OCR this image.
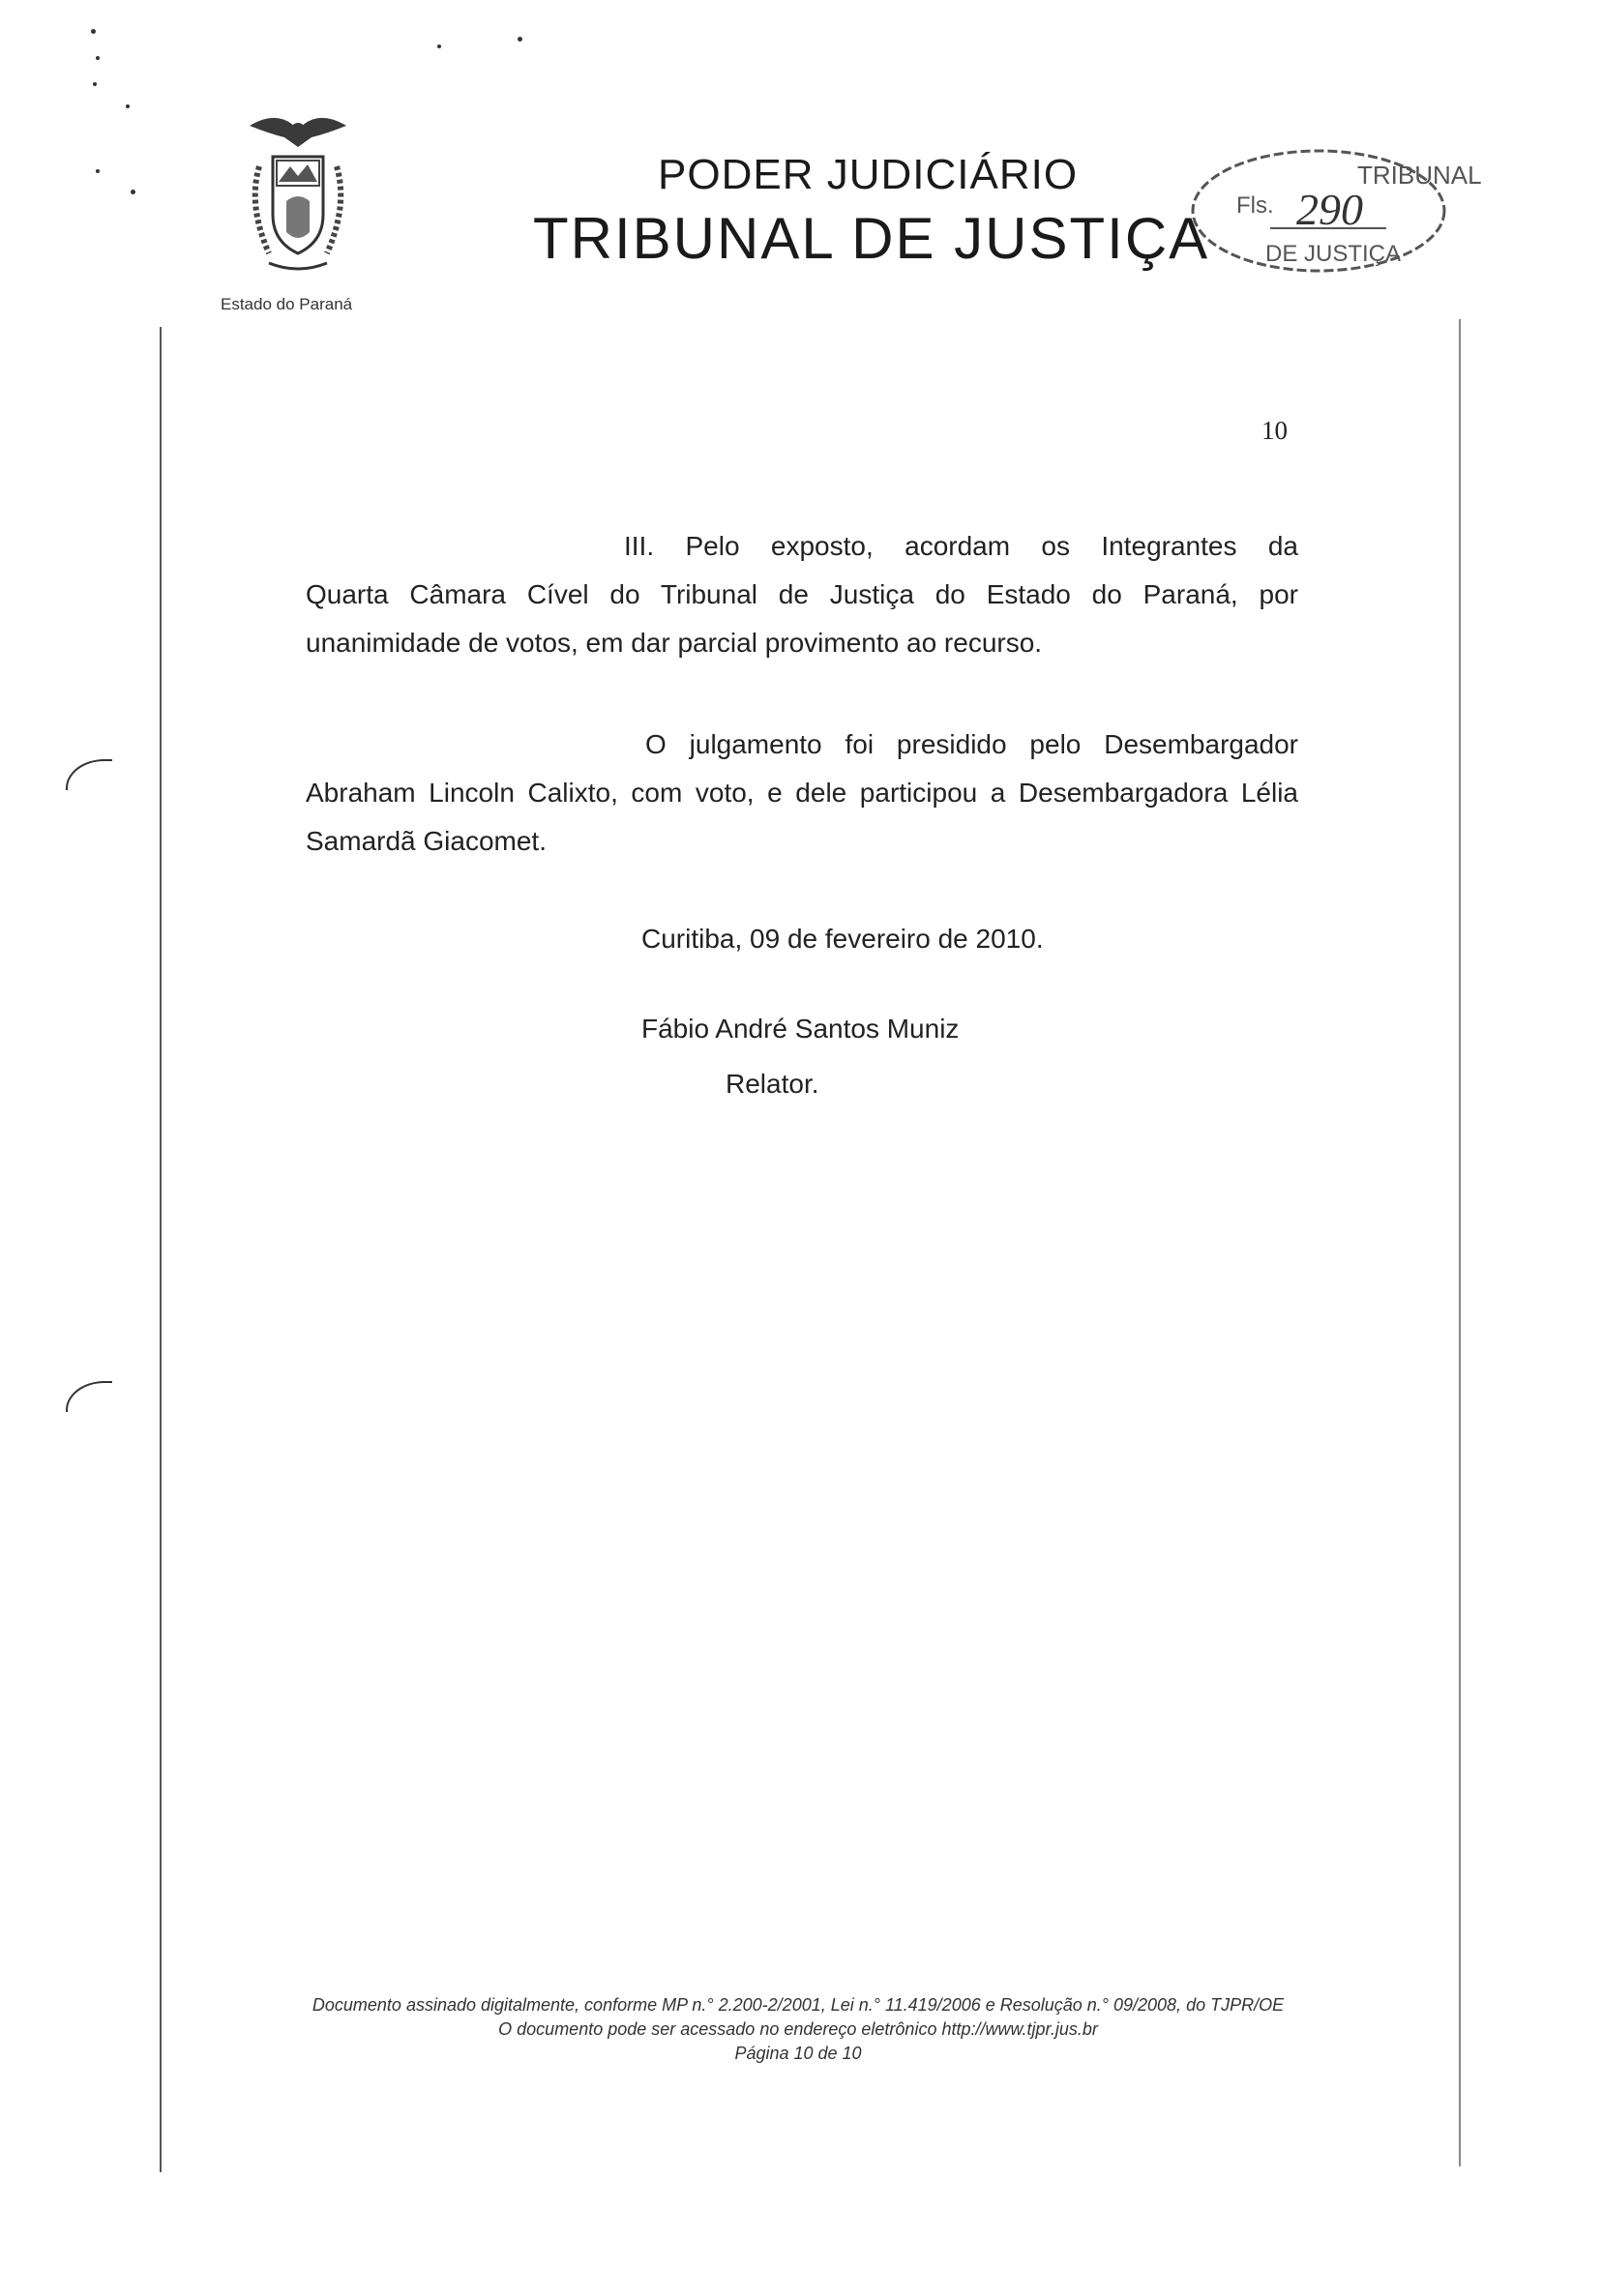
Estado do Paraná
PODER JUDICIÁRIO
TRIBUNAL DE JUSTIÇA
TRIBUNAL
Fls. 290
DE JUSTIÇA
10
III. Pelo exposto, acordam os Integrantes da
Quarta Câmara Cível do Tribunal de Justiça do Estado do Paraná, por
unanimidade de votos, em dar parcial provimento ao recurso.
O julgamento foi presidido pelo Desembargador
Abraham Lincoln Calixto, com voto, e dele participou a Desembargadora Lélia
Samardã Giacomet.
Curitiba, 09 de fevereiro de 2010.
Fábio André Santos Muniz
Relator.
Documento assinado digitalmente, conforme MP n.° 2.200-2/2001, Lei n.° 11.419/2006 e Resolução n.° 09/2008, do TJPR/OE
O documento pode ser acessado no endereço eletrônico http://www.tjpr.jus.br
Página 10 de 10
